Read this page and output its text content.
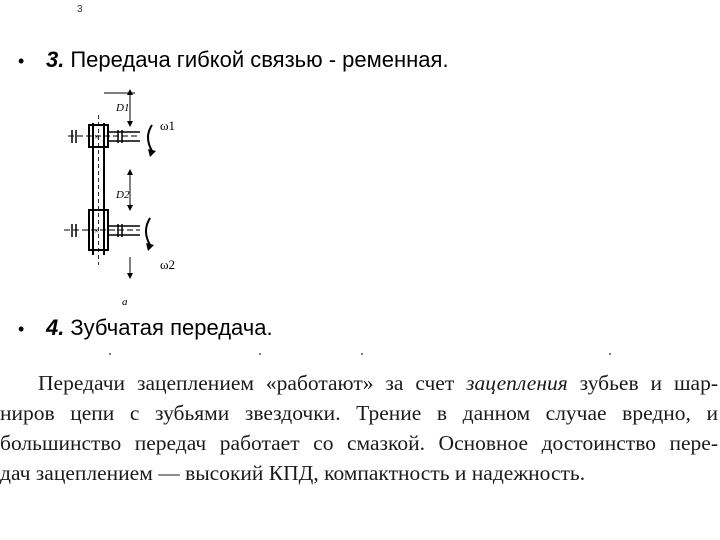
3
• 3. Передача гибкой связью - ременная.
×
×
D1
D2
ω1
ω2
a
• 4. Зубчатая передача.
Передачи зацеплением «работают» за счет зацепления зубьев и шар-
ниров цепи с зубьями звездочки. Трение в данном случае вредно, и
большинство передач работает со смазкой. Основное достоинство пере-
дач зацеплением — высокий КПД, компактность и надежность.
